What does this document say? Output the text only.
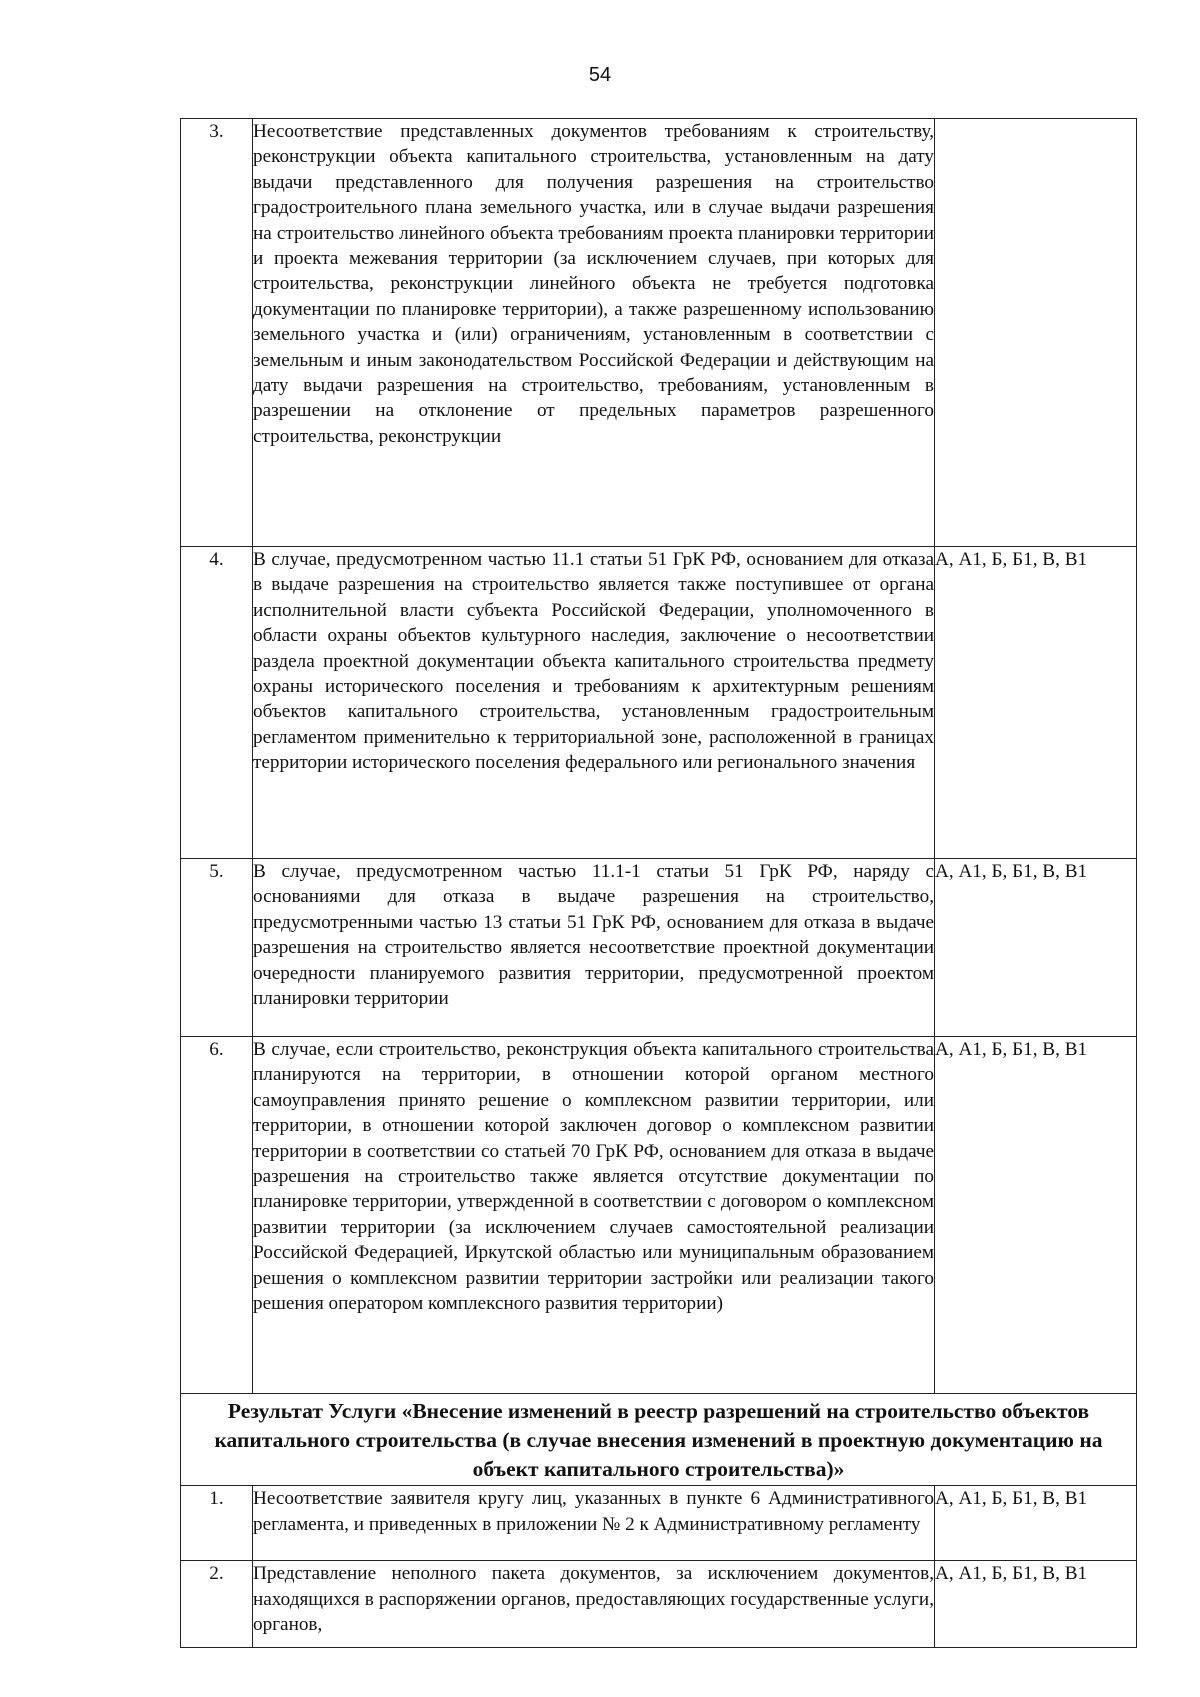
54
3.	Несоответствие представленных документов требованиям к строительству, реконструкции объекта капитального строительства, установленным на дату выдачи представленного для получения разрешения на строительство градостроительного плана земельного участка, или в случае выдачи разрешения на строительство линейного объекта требованиям проекта планировки территории и проекта межевания территории (за исключением случаев, при которых для строительства, реконструкции линейного объекта не требуется подготовка документации по планировке территории), а также разрешенному использованию земельного участка и (или) ограничениям, установленным в соответствии с земельным и иным законодательством Российской Федерации и действующим на дату выдачи разрешения на строительство, требованиям, установленным в разрешении на отклонение от предельных параметров разрешенного строительства, реконструкции	
4.	В случае, предусмотренном частью 11.1 статьи 51 ГрК РФ, основанием для отказа в выдаче разрешения на строительство является также поступившее от органа исполнительной власти субъекта Российской Федерации, уполномоченного в области охраны объектов культурного наследия, заключение о несоответствии раздела проектной документации объекта капитального строительства предмету охраны исторического поселения и требованиям к архитектурным решениям объектов капитального строительства, установленным градостроительным регламентом применительно к территориальной зоне, расположенной в границах территории исторического поселения федерального или регионального значения	А, А1, Б, Б1, В, В1
5.	В случае, предусмотренном частью 11.1-1 статьи 51 ГрК РФ, наряду с основаниями для отказа в выдаче разрешения на строительство, предусмотренными частью 13 статьи 51 ГрК РФ, основанием для отказа в выдаче разрешения на строительство является несоответствие проектной документации очередности планируемого развития территории, предусмотренной проектом планировки территории	А, А1, Б, Б1, В, В1
6.	В случае, если строительство, реконструкция объекта капитального строительства планируются на территории, в отношении которой органом местного самоуправления принято решение о комплексном развитии территории, или территории, в отношении которой заключен договор о комплексном развитии территории в соответствии со статьей 70 ГрК РФ, основанием для отказа в выдаче разрешения на строительство также является отсутствие документации по планировке территории, утвержденной в соответствии с договором о комплексном развитии территории (за исключением случаев самостоятельной реализации Российской Федерацией, Иркутской областью или муниципальным образованием решения о комплексном развитии территории застройки или реализации такого решения оператором комплексного развития территории)	А, А1, Б, Б1, В, В1
Результат Услуги «Внесение изменений в реестр разрешений на строительство объектов капитального строительства (в случае внесения изменений в проектную документацию на объект капитального строительства)»		
1.	Несоответствие заявителя кругу лиц, указанных в пункте 6 Административного регламента, и приведенных в приложении № 2 к Административному регламенту	А, А1, Б, Б1, В, В1
2.	Представление неполного пакета документов, за исключением документов, находящихся в распоряжении органов, предоставляющих государственные услуги, органов,	А, А1, Б, Б1, В, В1
